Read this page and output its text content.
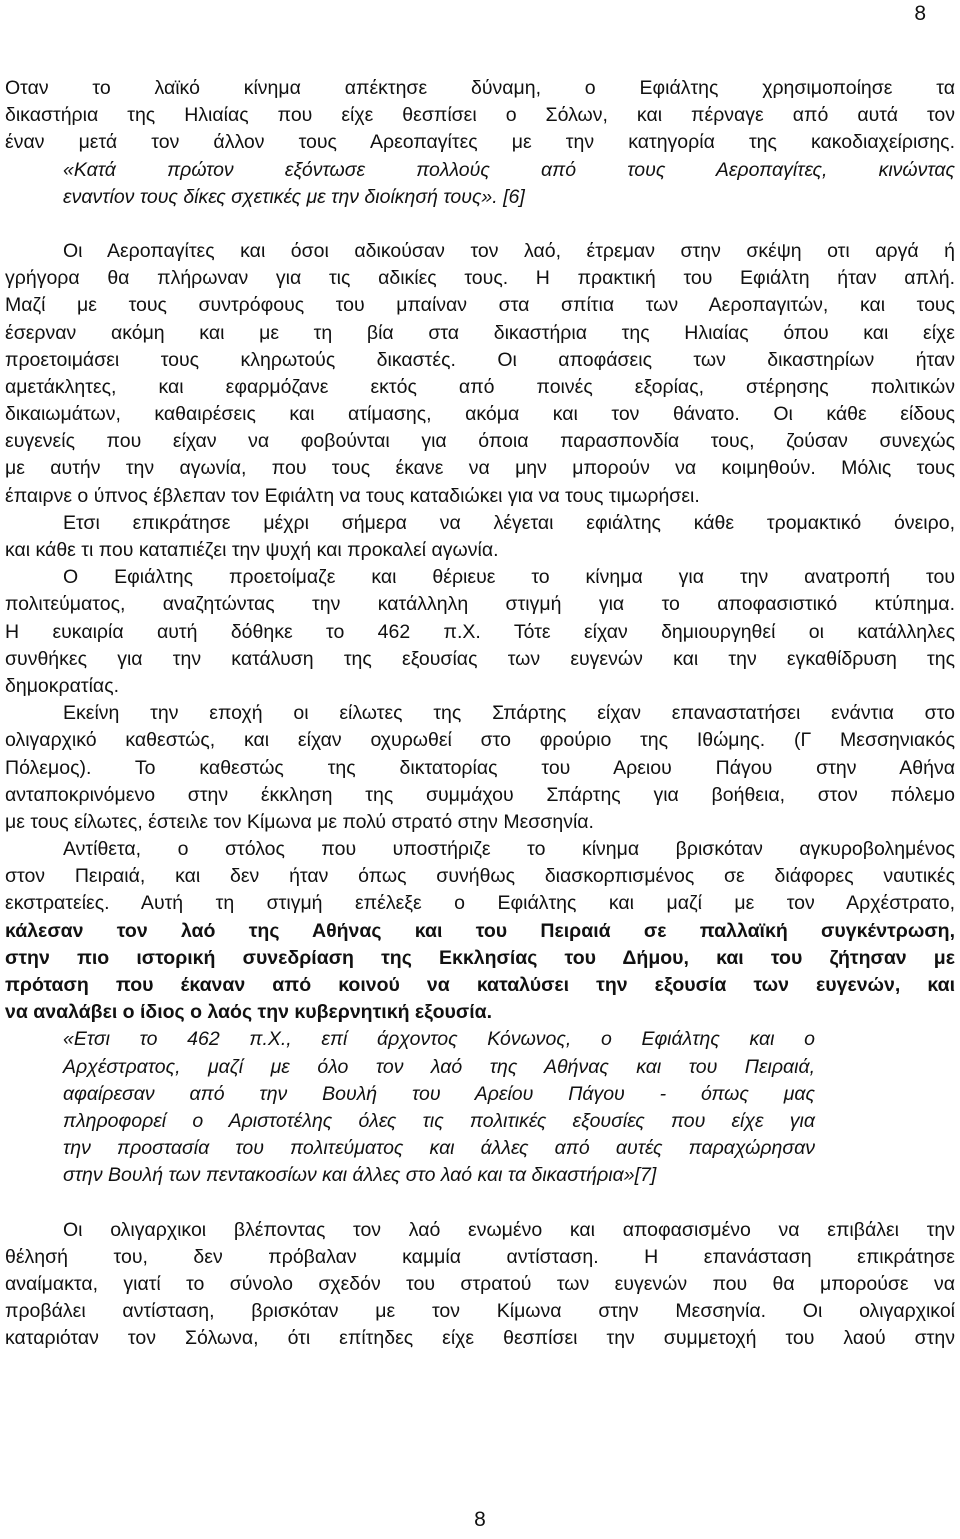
8
Οταν το λαϊκό κίνημα απέκτησε δύναμη, ο Εφιάλτης χρησιμοποίησε τα
δικαστήρια της Ηλιαίας που είχε θεσπίσει ο Σόλων, και πέρναγε από αυτά τον
έναν μετά τον άλλον τους Αρεοπαγίτες με την κατηγορία της κακοδιαχείρισης.
«Κατά πρώτον εξόντωσε πολλούς από τους Αεροπαγίτες, κινώντας
εναντίον τους δίκες σχετικές με την διοίκησή τους». [6]
Οι Αεροπαγίτες και όσοι αδικούσαν τον λαό, έτρεμαν στην σκέψη οτι αργά ή
γρήγορα θα πλήρωναν για τις αδικίες τους. Η πρακτική του Εφιάλτη ήταν απλή.
Μαζί με τους συντρόφους του μπαίναν στα σπίτια των Αεροπαγιτών, και τους
έσερναν ακόμη και με τη βία στα δικαστήρια της Ηλιαίας όπου και είχε
προετοιμάσει τους κληρωτούς δικαστές. Οι αποφάσεις των δικαστηρίων ήταν
αμετάκλητες, και εφαρμόζανε εκτός από ποινές εξορίας, στέρησης πολιτικών
δικαιωμάτων, καθαιρέσεις και ατίμασης, ακόμα και τον θάνατο. Οι κάθε είδους
ευγενείς που είχαν να φοβούνται για όποια παρασπονδία τους, ζούσαν συνεχώς
με αυτήν την αγωνία, που τους έκανε να μην μπορούν να κοιμηθούν. Μόλις τους
έπαιρνε ο ύπνος έβλεπαν τον Εφιάλτη να τους καταδιώκει για να τους τιμωρήσει.
Ετσι επικράτησε μέχρι σήμερα να λέγεται εφιάλτης κάθε τρομακτικό όνειρο,
και κάθε τι που καταπιέζει την ψυχή και προκαλεί αγωνία.
Ο Εφιάλτης προετοίμαζε και θέριευε το κίνημα για την ανατροπή του
πολιτεύματος, αναζητώντας την κατάλληλη στιγμή για το αποφασιστικό κτύπημα.
Η ευκαιρία αυτή δόθηκε το 462 π.Χ. Τότε είχαν δημιουργηθεί οι κατάλληλες
συνθήκες για την κατάλυση της εξουσίας των ευγενών και την εγκαθίδρυση της
δημοκρατίας.
Εκείνη την εποχή οι είλωτες της Σπάρτης είχαν επαναστατήσει ενάντια στο
ολιγαρχικό καθεστώς, και είχαν οχυρωθεί στο φρούριο της Ιθώμης. (Γ Μεσσηνιακός
Πόλεμος). Το καθεστώς της δικτατορίας του Αρειου Πάγου στην Αθήνα
ανταποκρινόμενο στην έκκληση της συμμάχου Σπάρτης για βοήθεια, στον πόλεμο
με τους είλωτες, έστειλε τον Κίμωνα με πολύ στρατό στην Μεσσηνία.
Αντίθετα, ο στόλος που υποστήριζε το κίνημα βρισκόταν αγκυροβολημένος
στον Πειραιά, και δεν ήταν όπως συνήθως διασκορπισμένος σε διάφορες ναυτικές
εκστρατείες. Αυτή τη στιγμή επέλεξε ο Εφιάλτης και μαζί με τον Αρχέστρατο,
κάλεσαν τον λαό της Αθήνας και του Πειραιά σε παλλαϊκή συγκέντρωση,
στην πιο ιστορική συνεδρίαση της Εκκλησίας του Δήμου, και του ζήτησαν με
πρόταση που έκαναν από κοινού να καταλύσει την εξουσία των ευγενών, και
να αναλάβει ο ίδιος ο λαός την κυβερνητική εξουσία.
«Ετσι το 462 π.Χ., επί άρχοντος Κόνωνος, ο Εφιάλτης και ο
Αρχέστρατος, μαζί με όλο τον λαό της Αθήνας και του Πειραιά,
αφαίρεσαν από την Βουλή του Αρείου Πάγου - όπως μας
πληροφορεί ο Αριστοτέλης όλες τις πολιτικές εξουσίες που είχε για
την προστασία του πολιτεύματος και άλλες από αυτές παραχώρησαν
στην Βουλή των πεντακοσίων και άλλες στο λαό και τα δικαστήρια»[7]
Οι ολιγαρχικοι βλέποντας τον λαό ενωμένο και αποφασισμένο να επιβάλει την
θέλησή του, δεν πρόβαλαν καμμία αντίσταση. Η επανάσταση επικράτησε
αναίμακτα, γιατί το σύνολο σχεδόν του στρατού των ευγενών που θα μπορούσε να
προβάλει αντίσταση, βρισκόταν με τον Κίμωνα στην Μεσσηνία. Οι ολιγαρχικοί
καταριόταν τον Σόλωνα, ότι επίτηδες είχε θεσπίσει την συμμετοχή του λαού στην
8
